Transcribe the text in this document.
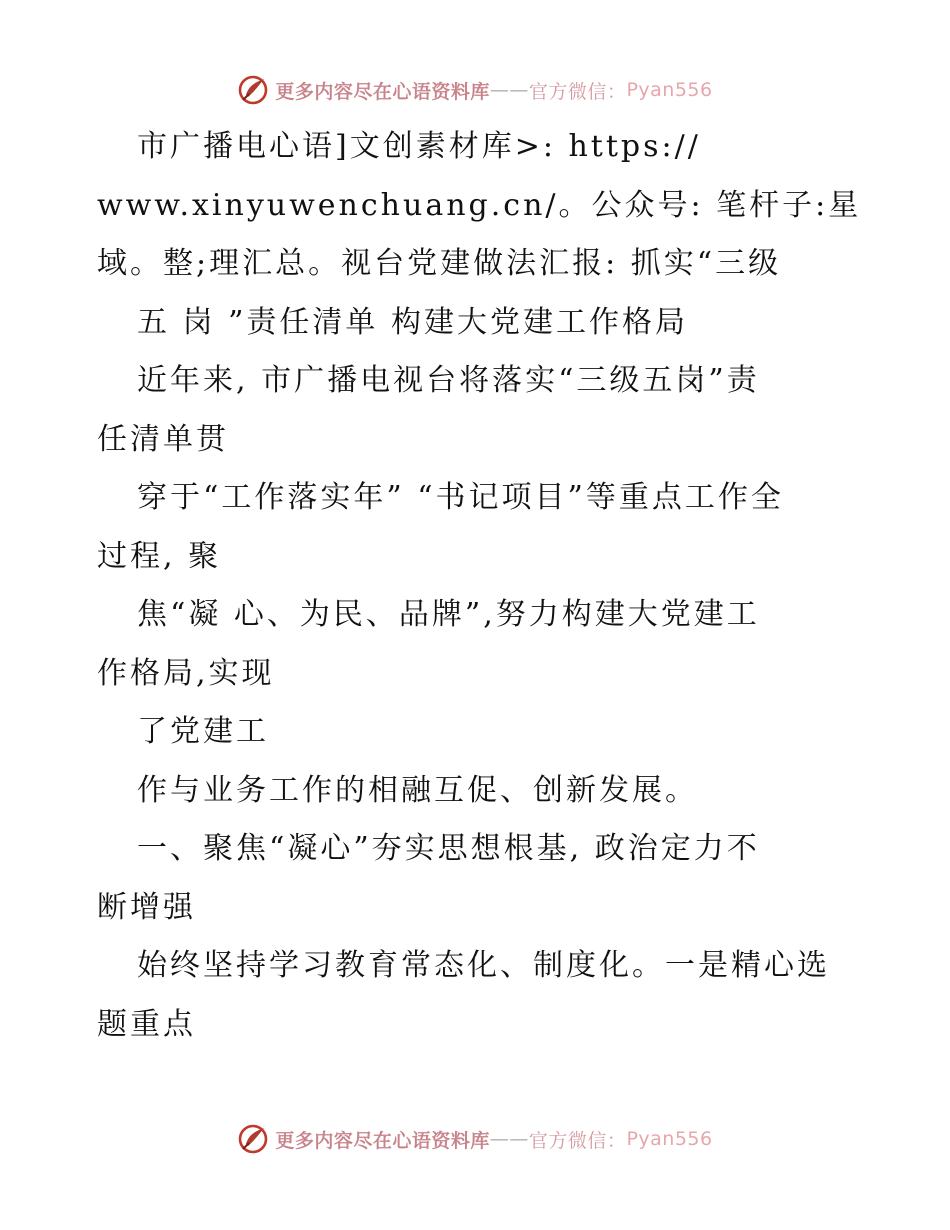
更多内容尽在心语资料库 —— 官方微信： Pyan556
市广播电心语]文创素材库>: https://
www.xinyuwenchuang.cn/。公众号: 笔杆子:星
域。整;理汇总。视台党建做法汇报: 抓实“三级
五 岗 ”责任清单 构建大党建工作格局
近年来, 市广播电视台将落实“三级五岗”责
任清单贯
穿于“工作落实年” “书记项目”等重点工作全
过程, 聚
焦“凝 心、为民、品牌”,努力构建大党建工
作格局,实现
了党建工
作与业务工作的相融互促、创新发展。
一、聚焦“凝心”夯实思想根基, 政治定力不
断增强
始终坚持学习教育常态化、制度化。一是精心选
题重点
更多内容尽在心语资料库 —— 官方微信： Pyan556
